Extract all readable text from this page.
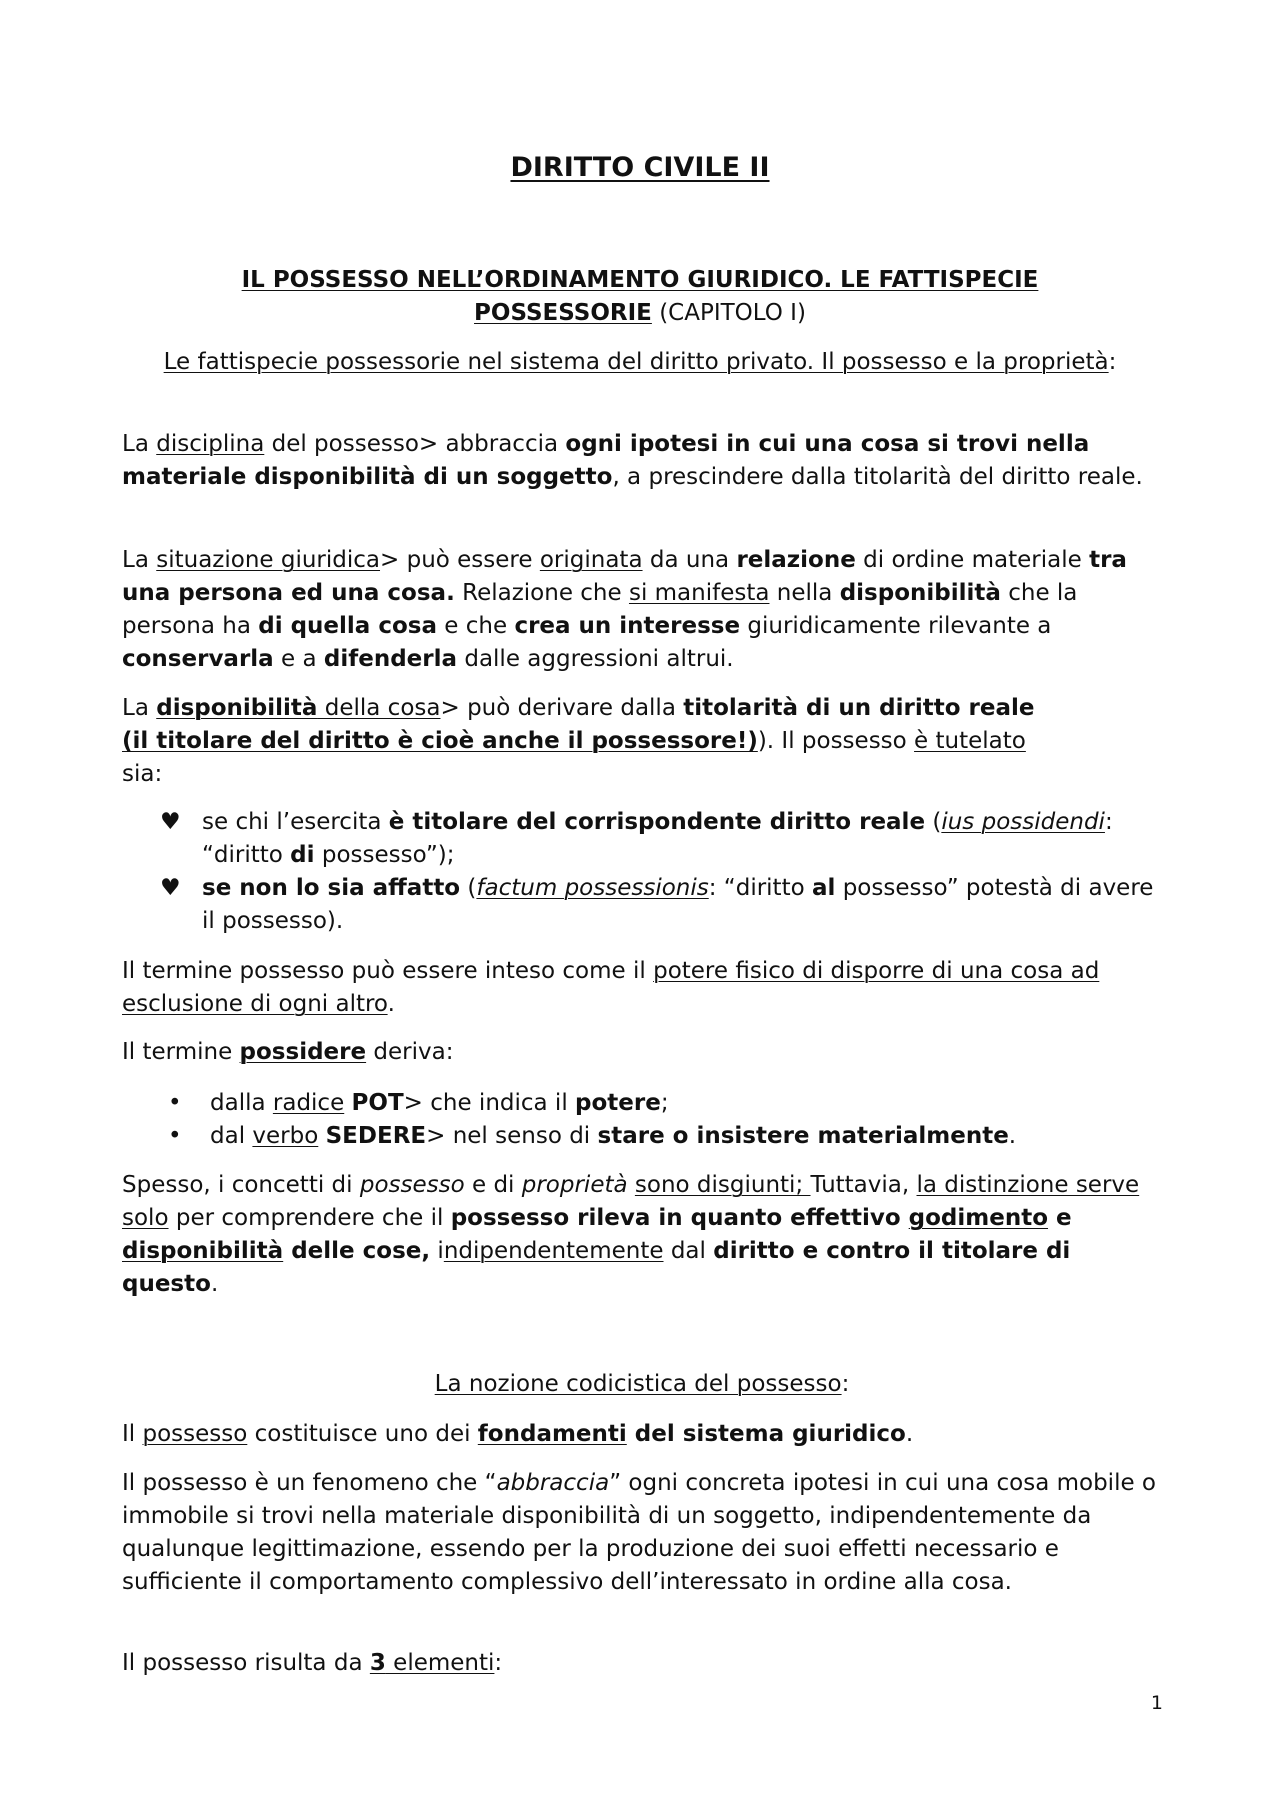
DIRITTO CIVILE II

IL POSSESSO NELL’ORDINAMENTO GIURIDICO. LE FATTISPECIE POSSESSORIE (CAPITOLO I)

Le fattispecie possessorie nel sistema del diritto privato. Il possesso e la proprietà:

La disciplina del possesso> abbraccia ogni ipotesi in cui una cosa si trovi nella materiale disponibilità di un soggetto, a prescindere dalla titolarità del diritto reale.

La situazione giuridica> può essere originata da una relazione di ordine materiale tra una persona ed una cosa. Relazione che si manifesta nella disponibilità che la persona ha di quella cosa e che crea un interesse giuridicamente rilevante a conservarla e a difenderla dalle aggressioni altrui.

La disponibilità della cosa> può derivare dalla titolarità di un diritto reale
(il titolare del diritto è cioè anche il possessore!)). Il possesso è tutelato
sia:

♥ se chi l’esercita è titolare del corrispondente diritto reale (ius possidendi: “diritto di possesso”);
♥ se non lo sia affatto (factum possessionis: “diritto al possesso” potestà di avere il possesso).

Il termine possesso può essere inteso come il potere fisico di disporre di una cosa ad esclusione di ogni altro.

Il termine possidere deriva:

• dalla radice POT> che indica il potere;
• dal verbo SEDERE> nel senso di stare o insistere materialmente.

Spesso, i concetti di possesso e di proprietà sono disgiunti; Tuttavia, la distinzione serve solo per comprendere che il possesso rileva in quanto effettivo godimento e disponibilità delle cose, indipendentemente dal diritto e contro il titolare di questo.

La nozione codicistica del possesso:

Il possesso costituisce uno dei fondamenti del sistema giuridico.

Il possesso è un fenomeno che “abbraccia” ogni concreta ipotesi in cui una cosa mobile o immobile si trovi nella materiale disponibilità di un soggetto, indipendentemente da qualunque legittimazione, essendo per la produzione dei suoi effetti necessario e sufficiente il comportamento complessivo dell’interessato in ordine alla cosa.

Il possesso risulta da 3 elementi:

1
